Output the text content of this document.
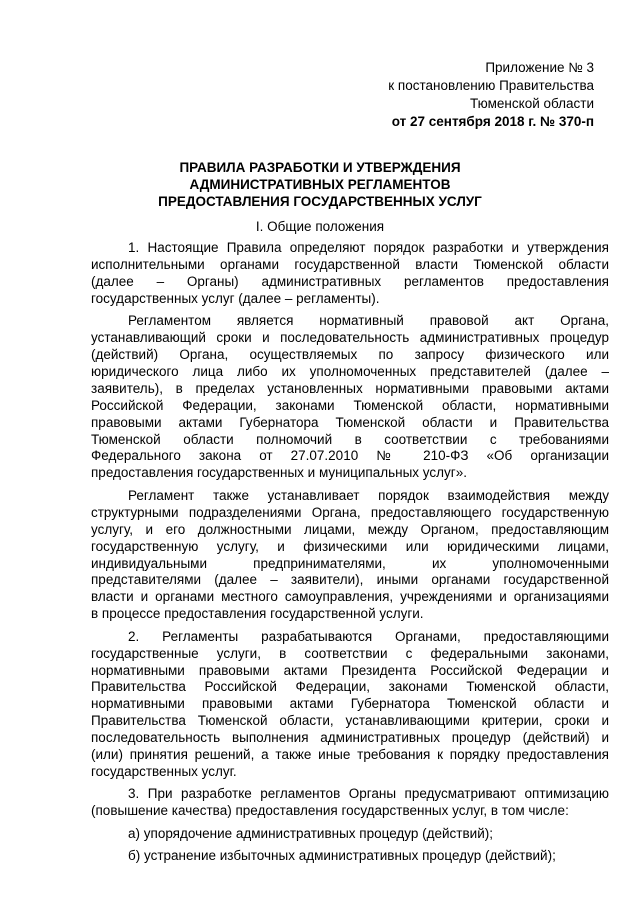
Приложение № 3
к постановлению Правительства
Тюменской области
от 27 сентября 2018 г. № 370-п
ПРАВИЛА РАЗРАБОТКИ И УТВЕРЖДЕНИЯ
АДМИНИСТРАТИВНЫХ РЕГЛАМЕНТОВ
ПРЕДОСТАВЛЕНИЯ ГОСУДАРСТВЕННЫХ УСЛУГ
I. Общие положения

1. Настоящие Правила определяют порядок разработки и утверждения
исполнительными органами государственной власти Тюменской области
(далее – Органы) административных регламентов предоставления
государственных услуг (далее – регламенты).

Регламентом является нормативный правовой акт Органа,
устанавливающий сроки и последовательность административных процедур
(действий) Органа, осуществляемых по запросу физического или
юридического лица либо их уполномоченных представителей (далее –
заявитель), в пределах установленных нормативными правовыми актами
Российской Федерации, законами Тюменской области, нормативными
правовыми актами Губернатора Тюменской области и Правительства
Тюменской области полномочий в соответствии с требованиями
Федерального закона от 27.07.2010 № 210-ФЗ «Об организации
предоставления государственных и муниципальных услуг».

Регламент также устанавливает порядок взаимодействия между
структурными подразделениями Органа, предоставляющего государственную
услугу, и его должностными лицами, между Органом, предоставляющим
государственную услугу, и физическими или юридическими лицами,
индивидуальными предпринимателями, их уполномоченными
представителями (далее – заявители), иными органами государственной
власти и органами местного самоуправления, учреждениями и организациями
в процессе предоставления государственной услуги.

2. Регламенты разрабатываются Органами, предоставляющими
государственные услуги, в соответствии с федеральными законами,
нормативными правовыми актами Президента Российской Федерации и
Правительства Российской Федерации, законами Тюменской области,
нормативными правовыми актами Губернатора Тюменской области и
Правительства Тюменской области, устанавливающими критерии, сроки и
последовательность выполнения административных процедур (действий) и
(или) принятия решений, а также иные требования к порядку предоставления
государственных услуг.

3. При разработке регламентов Органы предусматривают оптимизацию
(повышение качества) предоставления государственных услуг, в том числе:

а) упорядочение административных процедур (действий);

б) устранение избыточных административных процедур (действий);
